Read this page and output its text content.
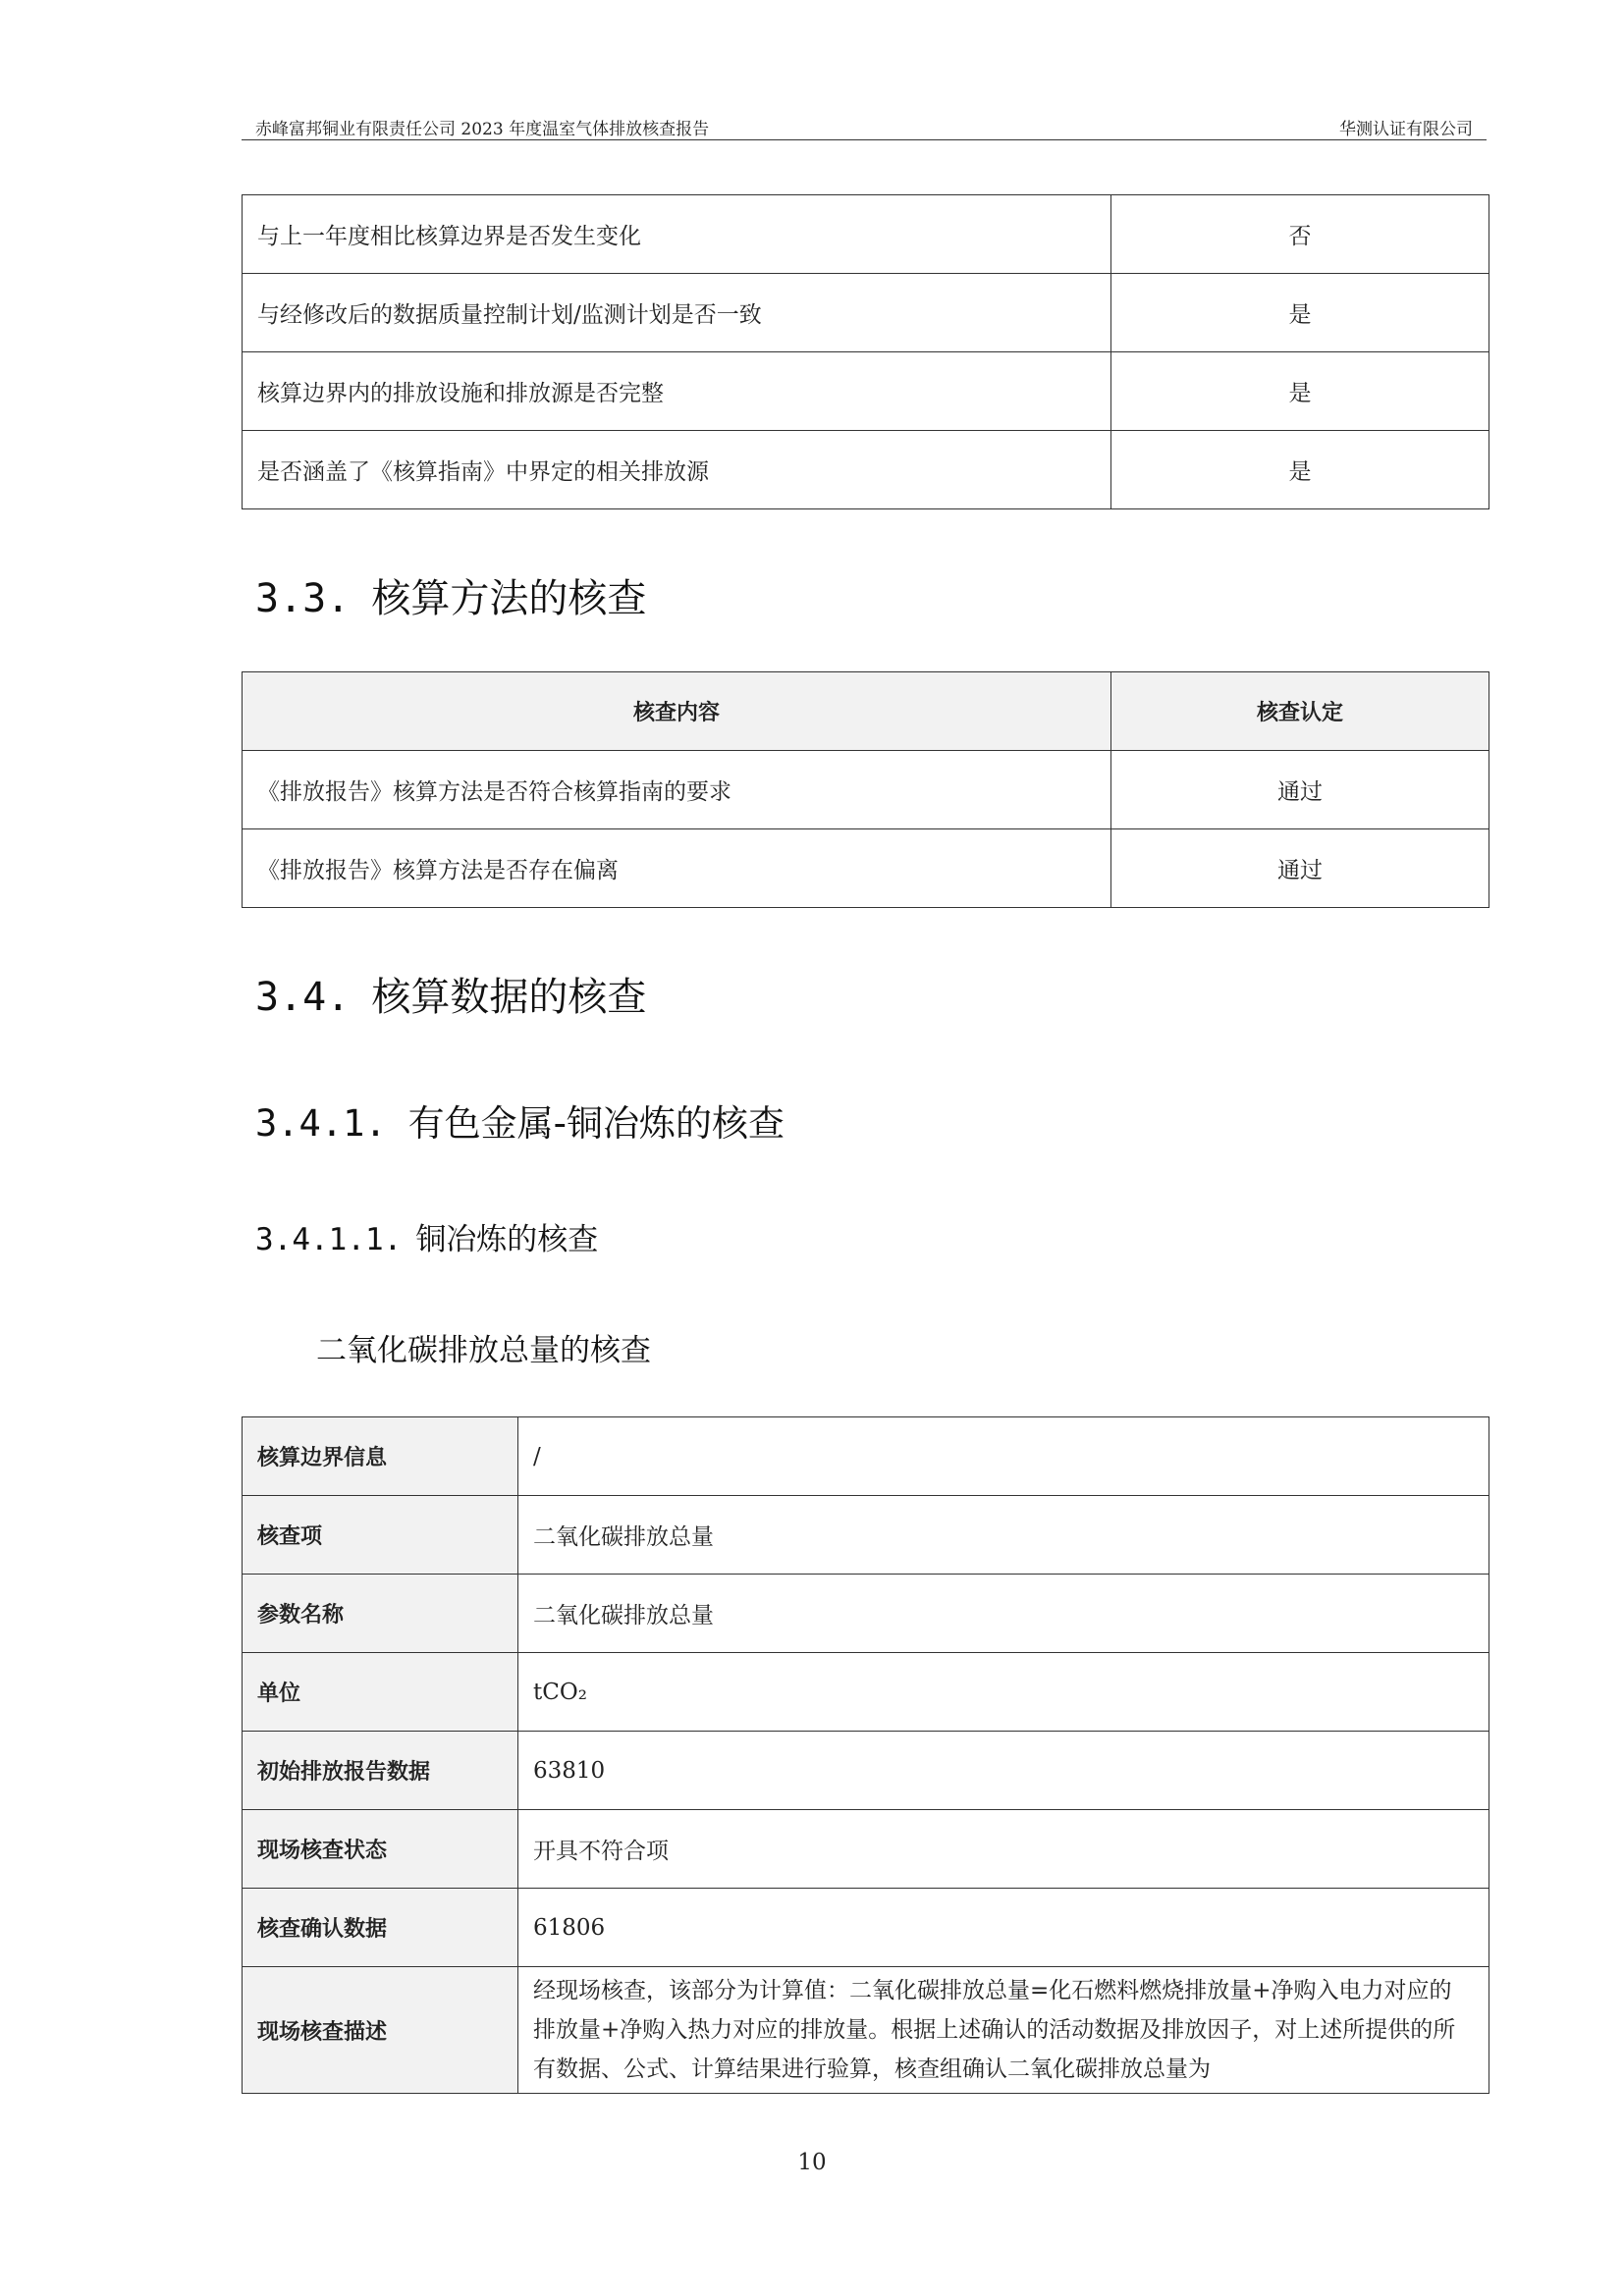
赤峰富邦铜业有限责任公司 2023 年度温室气体排放核查报告	华测认证有限公司
与上一年度相比核算边界是否发生变化	否
与经修改后的数据质量控制计划/监测计划是否一致	是
核算边界内的排放设施和排放源是否完整	是
是否涵盖了《核算指南》中界定的相关排放源	是
3.3. 核算方法的核查
核查内容	核查认定
《排放报告》核算方法是否符合核算指南的要求	通过
《排放报告》核算方法是否存在偏离	通过
3.4. 核算数据的核查
3.4.1. 有色金属-铜冶炼的核查
3.4.1.1. 铜冶炼的核查
二氧化碳排放总量的核查
核算边界信息	/
核查项	二氧化碳排放总量
参数名称	二氧化碳排放总量
单位	tCO₂
初始排放报告数据	63810
现场核查状态	开具不符合项
核查确认数据	61806
现场核查描述	经现场核查，该部分为计算值：二氧化碳排放总量=化石燃料燃烧排放量+净购入电力对应的排放量+净购入热力对应的排放量。根据上述确认的活动数据及排放因子，对上述所提供的所有数据、公式、计算结果进行验算，核查组确认二氧化碳排放总量为
10
